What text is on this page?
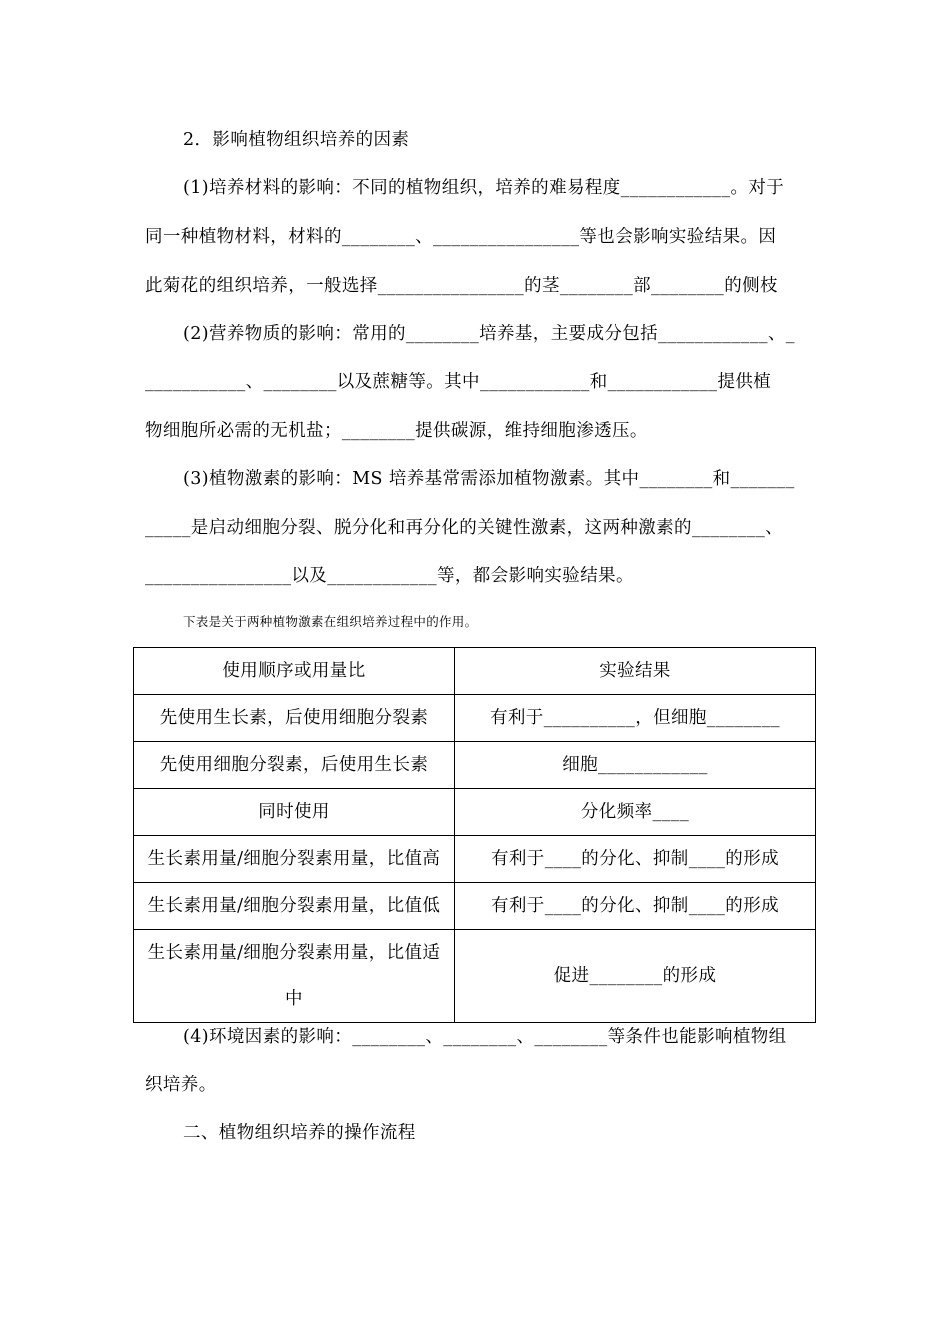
2．影响植物组织培养的因素
(1)培养材料的影响：不同的植物组织，培养的难易程度____________。对于
同一种植物材料，材料的________、________________等也会影响实验结果。因
此菊花的组织培养，一般选择________________的茎________部________的侧枝
(2)营养物质的影响：常用的________培养基，主要成分包括____________、_
___________、________以及蔗糖等。其中____________和____________提供植
物细胞所必需的无机盐；________提供碳源，维持细胞渗透压。
(3)植物激素的影响：MS 培养基常需添加植物激素。其中________和_______
_____是启动细胞分裂、脱分化和再分化的关键性激素，这两种激素的________、
________________以及____________等，都会影响实验结果。
下表是关于两种植物激素在组织培养过程中的作用。
使用顺序或用量比	实验结果
先使用生长素，后使用细胞分裂素	有利于__________，但细胞________
先使用细胞分裂素，后使用生长素	细胞____________
同时使用	分化频率____
生长素用量/细胞分裂素用量，比值高	有利于____的分化、抑制____的形成
生长素用量/细胞分裂素用量，比值低	有利于____的分化、抑制____的形成
生长素用量/细胞分裂素用量，比值适中	促进________的形成
(4)环境因素的影响：________、________、________等条件也能影响植物组
织培养。
二、植物组织培养的操作流程
